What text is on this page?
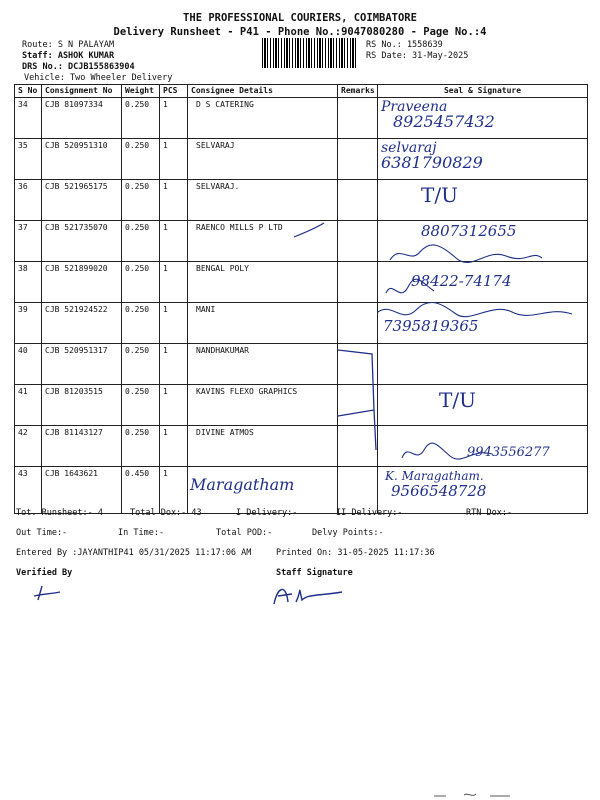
THE PROFESSIONAL COURIERS, COIMBATORE
Delivery Runsheet - P41 - Phone No.:9047080280 - Page No.:4
Route: S N PALAYAM
Staff: ASHOK KUMAR
DRS No.: DCJB155863904
Vehicle: Two Wheeler Delivery
RS No.: 1558639
RS Date: 31-May-2025
S No	Consignment No	Weight	PCS	Consignee Details	Remarks	Seal & Signature
34	CJB 81097334	0.250	1	D S CATERING		Praveena
8925457432

35	CJB 520951310	0.250	1	SELVARAJ		selvaraj
6381790829

36	CJB 521965175	0.250	1	SELVARAJ.		T/U

37	CJB 521735070	0.250	1	RAENCO MILLS P LTD		8807312655

38	CJB 521899020	0.250	1	BENGAL POLY		98422-74174

39	CJB 521924522	0.250	1	MANI		7395819365

40	CJB 520951317	0.250	1	NANDHAKUMAR		

41	CJB 81203515	0.250	1	KAVINS FLEXO GRAPHICS		T/U

42	CJB 81143127	0.250	1	DIVINE ATMOS		9943556277

43	CJB 1643621	0.450	1	Maragatham		K. Maragatham.
9566548728
Tot. Runsheet:- 4	Total Dox:- 43	I Delivery:-	II Delivery:-	RTN Dox:-
Out Time:-	In Time:-	Total POD:-	Delvy Points:-
Entered By :JAYANTHIP41 05/31/2025 11:17:06 AM	Printed On: 31-05-2025 11:17:36
Verified By	Staff Signature
